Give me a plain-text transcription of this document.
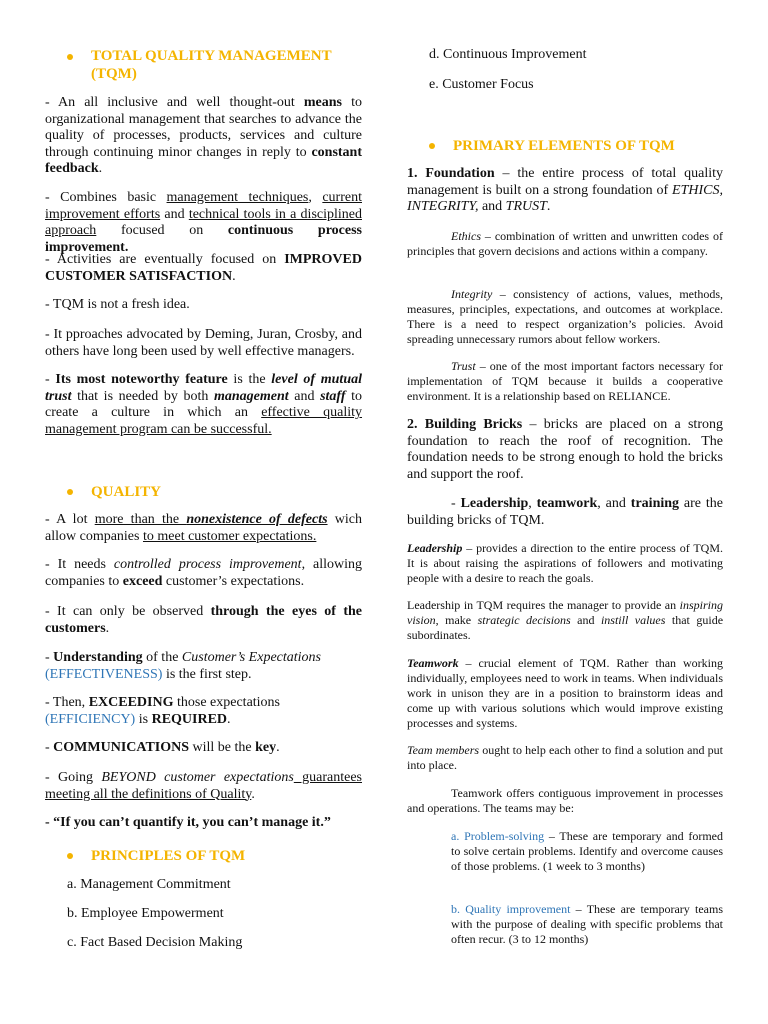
TOTAL QUALITY MANAGEMENT (TQM)

- An all inclusive and well thought-out means to organizational management that searches to advance the quality of processes, products, services and culture through continuing minor changes in reply to constant feedback.

- Combines basic management techniques, current improvement efforts and technical tools in a disciplined approach focused on continuous process improvement.

- Activities are eventually focused on IMPROVED CUSTOMER SATISFACTION.

- TQM is not a fresh idea.

- It pproaches advocated by Deming, Juran, Crosby, and others have long been used by well effective managers.

- Its most noteworthy feature is the level of mutual trust that is needed by both management and staff to create a culture in which an effective quality management program can be successful.

QUALITY

- A lot more than the nonexistence of defects wich allow companies to meet customer expectations.

- It needs controlled process improvement, allowing companies to exceed customer’s expectations.

- It can only be observed through the eyes of the customers.

- Understanding of the Customer’s Expectations
(EFFECTIVENESS) is the first step.

- Then, EXCEEDING those expectations
(EFFICIENCY) is REQUIRED.

- COMMUNICATIONS will be the key.

- Going BEYOND customer expectations guarantees meeting all the definitions of Quality.

- “If you can’t quantify it, you can’t manage it.”

PRINCIPLES OF TQM
a. Management Commitment
b. Employee Empowerment
c. Fact Based Decision Making
d. Continuous Improvement
e. Customer Focus
PRIMARY ELEMENTS OF TQM

1. Foundation – the entire process of total quality management is built on a strong foundation of ETHICS, INTEGRITY, and TRUST.

Ethics – combination of written and unwritten codes of principles that govern decisions and actions within a company.

Integrity – consistency of actions, values, methods, measures, principles, expectations, and outcomes at workplace. There is a need to respect organization’s policies. Avoid spreading unnecessary rumors about fellow workers.

Trust – one of the most important factors necessary for implementation of TQM because it builds a cooperative environment. It is a relationship based on RELIANCE.

2. Building Bricks – bricks are placed on a strong foundation to reach the roof of recognition. The foundation needs to be strong enough to hold the bricks and support the roof.

- Leadership, teamwork, and training are the building bricks of TQM.

Leadership – provides a direction to the entire process of TQM. It is about raising the aspirations of followers and motivating people with a desire to reach the goals.

Leadership in TQM requires the manager to provide an inspiring vision, make strategic decisions and instill values that guide subordinates.

Teamwork – crucial element of TQM. Rather than working individually, employees need to work in teams. When individuals work in unison they are in a position to brainstorm ideas and come up with various solutions which would improve existing processes and systems.

Team members ought to help each other to find a solution and put into place.

Teamwork offers contiguous improvement in processes and operations. The teams may be:

a. Problem-solving – These are temporary and formed to solve certain problems. Identify and overcome causes of those problems. (1 week to 3 months)

b. Quality improvement – These are temporary teams with the purpose of dealing with specific problems that often recur. (3 to 12 months)
